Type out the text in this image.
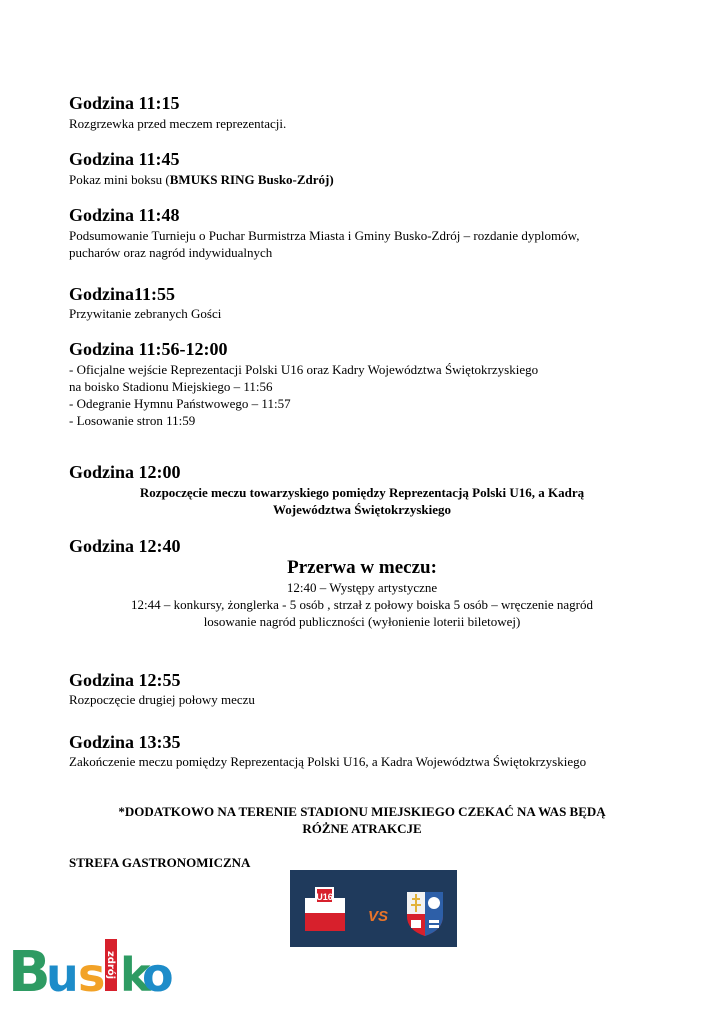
Godzina 11:15
Rozgrzewka przed meczem reprezentacji.
Godzina 11:45
Pokaz mini boksu (BMUKS RING Busko-Zdrój)
Godzina 11:48
Podsumowanie Turnieju o Puchar Burmistrza Miasta i Gminy Busko-Zdrój – rozdanie dyplomów,
pucharów oraz nagród indywidualnych
Godzina11:55
Przywitanie zebranych Gości
Godzina 11:56-12:00
- Oficjalne wejście Reprezentacji Polski U16 oraz Kadry Województwa Świętokrzyskiego
na boisko Stadionu Miejskiego – 11:56
- Odegranie Hymnu Państwowego – 11:57
- Losowanie stron 11:59
Godzina 12:00
Rozpoczęcie meczu towarzyskiego pomiędzy Reprezentacją Polski U16, a Kadrą
Województwa Świętokrzyskiego
Godzina 12:40
Przerwa w meczu:
12:40 – Występy artystyczne
12:44 – konkursy, żonglerka - 5 osób , strzał z połowy boiska 5 osób – wręczenie nagród
losowanie nagród publiczności (wyłonienie loterii biletowej)
Godzina 12:55
Rozpoczęcie drugiej połowy meczu
Godzina 13:35
Zakończenie meczu pomiędzy Reprezentacją Polski U16, a Kadra Województwa Świętokrzyskiego
*DODATKOWO NA TERENIE STADIONU MIEJSKIEGO CZEKAĆ NA WAS BĘDĄ
RÓŻNE ATRAKCJE
STREFA GASTRONOMICZNA
U16
VS
B
u s k
o
zdrój
